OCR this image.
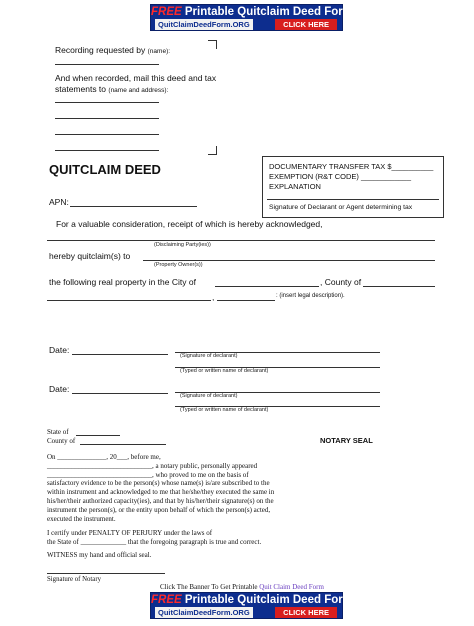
FREE Printable Quitclaim Deed Form
QuitClaimDeedForm.ORG	CLICK HERE
Recording requested by (name):
And when recorded, mail this deed and tax
statements to (name and address):
DOCUMENTARY TRANSFER TAX $__________
EXEMPTION (R&T CODE) ____________
EXPLANATION
Signature of Declarant or Agent determining tax
QUITCLAIM DEED
APN:
For a valuable consideration, receipt of which is hereby acknowledged,
(Disclaiming Party(ies))
hereby quitclaim(s) to
(Property Owner(s))
the following real property in the City of	, County of
,	: (insert legal description).
Date:
(Signature of declarant)
(Typed or written name of declarant)
Date:
(Signature of declarant)
(Typed or written name of declarant)
State of
County of	NOTARY SEAL
On ______________, 20___, before me,
______________________________, a notary public, personally appeared
______________________________, who proved to me on the basis of
satisfactory evidence to be the person(s) whose name(s) is/are subscribed to the
within instrument and acknowledged to me that he/she/they executed the same in
his/her/their authorized capacity(ies), and that by his/her/their signature(s) on the
instrument the person(s), or the entity upon behalf of which the person(s) acted,
executed the instrument.
I certify under PENALTY OF PERJURY under the laws of
the State of _____________ that the foregoing paragraph is true and correct.
WITNESS my hand and official seal.
Signature of Notary
Click The Banner To Get Printable Quit Claim Deed Form
FREE Printable Quitclaim Deed Form
QuitClaimDeedForm.ORG	CLICK HERE
